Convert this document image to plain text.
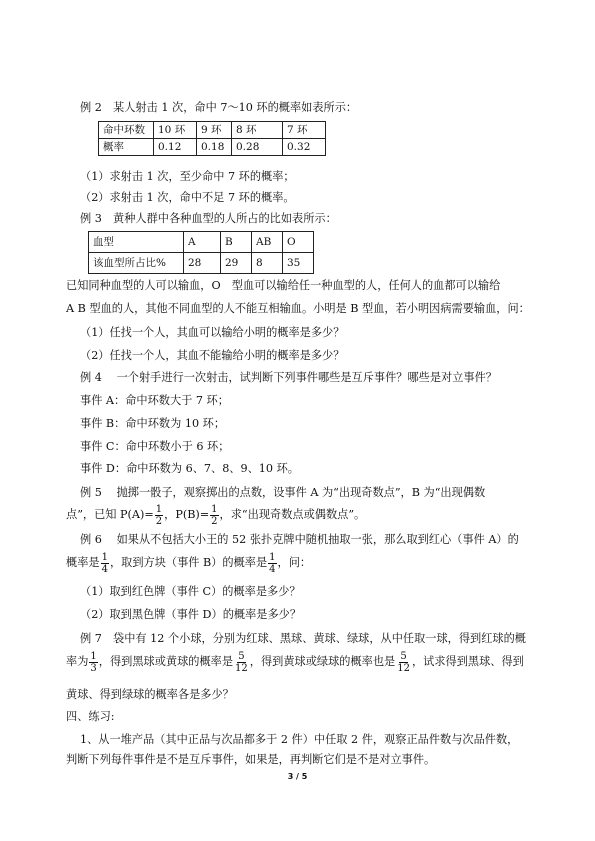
例 2　某人射击 1 次，命中 7～10 环的概率如表所示：
命中环数	10 环	9 环	8 环	7 环
概率	0.12	0.18	0.28	0.32
（1）求射击 1 次，至少命中 7 环的概率；
（2）求射击 1 次，命中不足 7 环的概率。
例 3　黄种人群中各种血型的人所占的比如表所示：
血型	A	B	AB	O
该血型所占比%	28	29	8	35
已知同种血型的人可以输血，O　型血可以输给任一种血型的人，任何人的血都可以输给
A B 型血的人，其他不同血型的人不能互相输血。小明是 B 型血，若小明因病需要输血，问：
（1）任找一个人，其血可以输给小明的概率是多少？
（2）任找一个人，其血不能输给小明的概率是多少？
例 4　 一个射手进行一次射击，试判断下列事件哪些是互斥事件？哪些是对立事件？
事件 A：命中环数大于 7 环；
事件 B：命中环数为 10 环；
事件 C：命中环数小于 6 环；
事件 D：命中环数为 6、7、8、9、10 环。
例 5　 抛掷一骰子，观察掷出的点数，设事件 A 为“出现奇数点”，B 为“出现偶数
点”，已知 $P(A)= \frac{1}{2}$ ，$P(B)= \frac{1}{2}$ ，求“出现奇数点或偶数点”。
例 6　 如果从不包括大小王的 52 张扑克牌中随机抽取一张，那么取到红心（事件 A）的
概率是 $\frac{1}{4}$ ，取到方块（事件 B）的概率是 $\frac{1}{4}$ ，问：
（1）取到红色牌（事件 C）的概率是多少？
（2）取到黑色牌（事件 D）的概率是多少？
例 7　袋中有 12 个小球，分别为红球、黑球、黄球、绿球，从中任取一球，得到红球的概
率为 $\frac{1}{3}$ ，得到黑球或黄球的概率是 $\frac{5}{12}$ ，得到黄球或绿球的概率也是 $\frac{5}{12}$ ，试求得到黑球、得到
黄球、得到绿球的概率各是多少？
四、练习:
1、从一堆产品（其中正品与次品都多于 2 件）中任取 2 件，观察正品件数与次品件数，
判断下列每件事件是不是互斥事件，如果是，再判断它们是不是对立事件。
3 / 5
